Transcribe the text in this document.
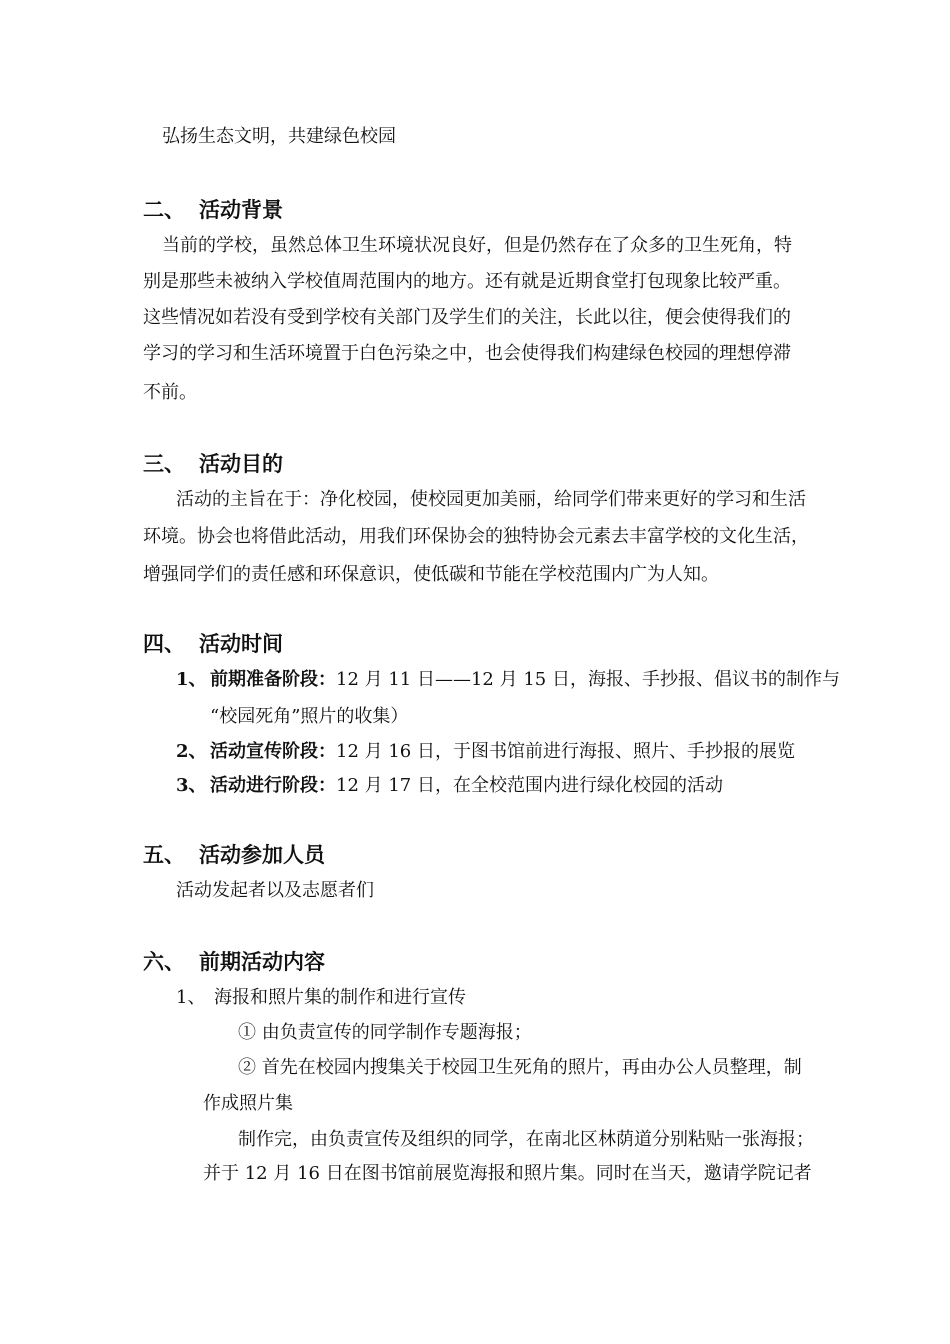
弘扬生态文明，共建绿色校园
二、 活动背景
当前的学校，虽然总体卫生环境状况良好，但是仍然存在了众多的卫生死角，特
别是那些未被纳入学校值周范围内的地方。还有就是近期食堂打包现象比较严重。
这些情况如若没有受到学校有关部门及学生们的关注，长此以往，便会使得我们的
学习的学习和生活环境置于白色污染之中，也会使得我们构建绿色校园的理想停滞
不前。
三、 活动目的
活动的主旨在于：净化校园，使校园更加美丽，给同学们带来更好的学习和生活
环境。协会也将借此活动，用我们环保协会的独特协会元素去丰富学校的文化生活，
增强同学们的责任感和环保意识，使低碳和节能在学校范围内广为人知。
四、 活动时间
1、 前期准备阶段：12 月 11 日——12 月 15 日，海报、手抄报、倡议书的制作与
“校园死角”照片的收集）
2、 活动宣传阶段：12 月 16 日，于图书馆前进行海报、照片、手抄报的展览
3、 活动进行阶段：12 月 17 日，在全校范围内进行绿化校园的活动
五、 活动参加人员
活动发起者以及志愿者们
六、 前期活动内容
1、 海报和照片集的制作和进行宣传
① 由负责宣传的同学制作专题海报；
② 首先在校园内搜集关于校园卫生死角的照片，再由办公人员整理，制
作成照片集
制作完，由负责宣传及组织的同学，在南北区林荫道分别粘贴一张海报；
并于 12 月 16 日在图书馆前展览海报和照片集。同时在当天，邀请学院记者
